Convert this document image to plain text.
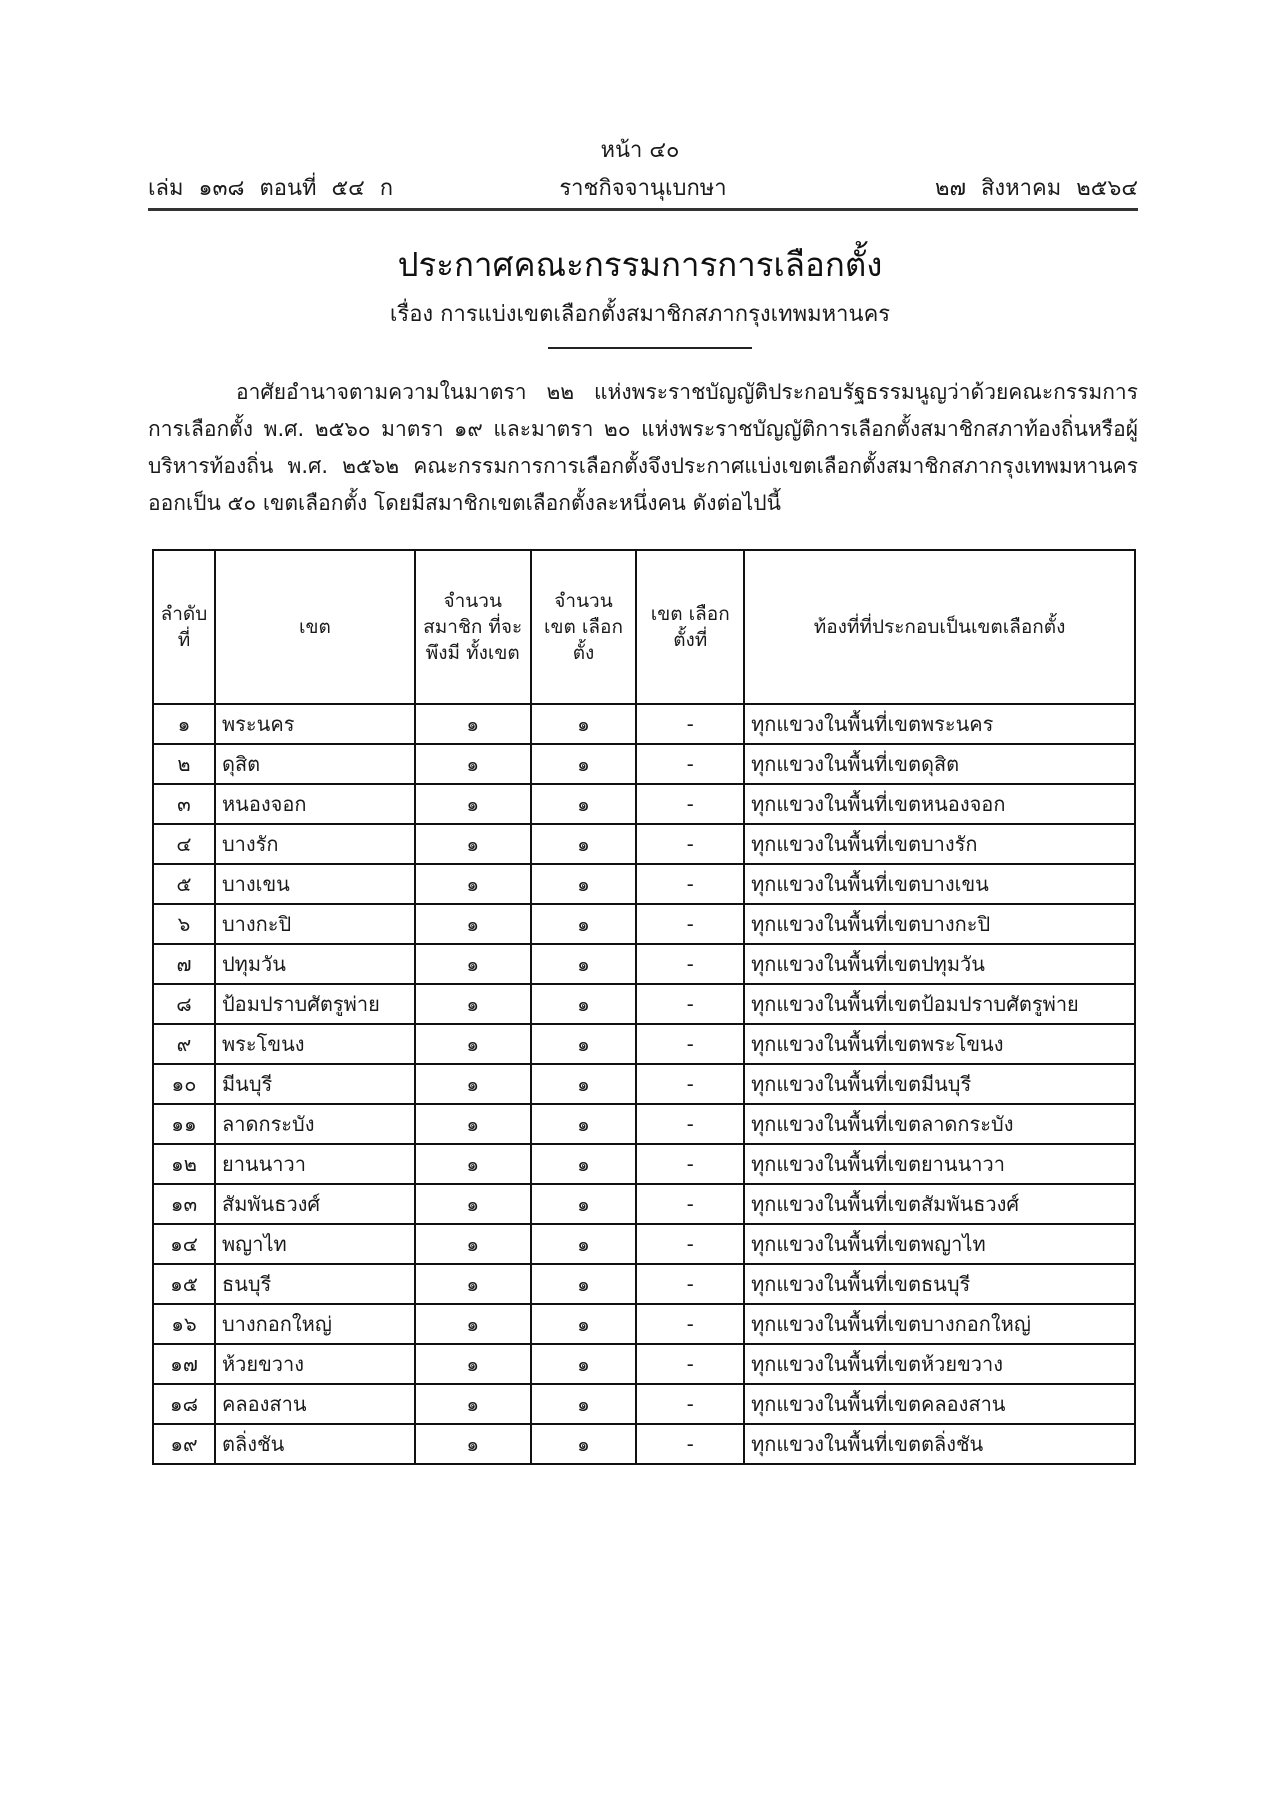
หน้า ๔๐
เล่ม ๑๓๘ ตอนที่ ๕๔ ก	ราชกิจจานุเบกษา	๒๗ สิงหาคม ๒๕๖๔
ประกาศคณะกรรมการการเลือกตั้ง
เรื่อง การแบ่งเขตเลือกตั้งสมาชิกสภากรุงเทพมหานคร
อาศัยอำนาจตามความในมาตรา ๒๒ แห่งพระราชบัญญัติประกอบรัฐธรรมนูญว่าด้วยคณะกรรมการการเลือกตั้ง พ.ศ. ๒๕๖๐ มาตรา ๑๙ และมาตรา ๒๐ แห่งพระราชบัญญัติการเลือกตั้งสมาชิกสภาท้องถิ่นหรือผู้บริหารท้องถิ่น พ.ศ. ๒๕๖๒ คณะกรรมการการเลือกตั้งจึงประกาศแบ่งเขตเลือกตั้งสมาชิกสภากรุงเทพมหานคร ออกเป็น ๕๐ เขตเลือกตั้ง โดยมีสมาชิกเขตเลือกตั้งละหนึ่งคน ดังต่อไปนี้
ลำดับ ที่	เขต	จำนวน สมาชิก ที่จะพึงมี ทั้งเขต	จำนวน เขต เลือกตั้ง	เขต เลือกตั้งที่	ท้องที่ที่ประกอบเป็นเขตเลือกตั้ง
๑	พระนคร	๑	๑	-	ทุกแขวงในพื้นที่เขตพระนคร
๒	ดุสิต	๑	๑	-	ทุกแขวงในพื้นที่เขตดุสิต
๓	หนองจอก	๑	๑	-	ทุกแขวงในพื้นที่เขตหนองจอก
๔	บางรัก	๑	๑	-	ทุกแขวงในพื้นที่เขตบางรัก
๕	บางเขน	๑	๑	-	ทุกแขวงในพื้นที่เขตบางเขน
๖	บางกะปิ	๑	๑	-	ทุกแขวงในพื้นที่เขตบางกะปิ
๗	ปทุมวัน	๑	๑	-	ทุกแขวงในพื้นที่เขตปทุมวัน
๘	ป้อมปราบศัตรูพ่าย	๑	๑	-	ทุกแขวงในพื้นที่เขตป้อมปราบศัตรูพ่าย
๙	พระโขนง	๑	๑	-	ทุกแขวงในพื้นที่เขตพระโขนง
๑๐	มีนบุรี	๑	๑	-	ทุกแขวงในพื้นที่เขตมีนบุรี
๑๑	ลาดกระบัง	๑	๑	-	ทุกแขวงในพื้นที่เขตลาดกระบัง
๑๒	ยานนาวา	๑	๑	-	ทุกแขวงในพื้นที่เขตยานนาวา
๑๓	สัมพันธวงศ์	๑	๑	-	ทุกแขวงในพื้นที่เขตสัมพันธวงศ์
๑๔	พญาไท	๑	๑	-	ทุกแขวงในพื้นที่เขตพญาไท
๑๕	ธนบุรี	๑	๑	-	ทุกแขวงในพื้นที่เขตธนบุรี
๑๖	บางกอกใหญ่	๑	๑	-	ทุกแขวงในพื้นที่เขตบางกอกใหญ่
๑๗	ห้วยขวาง	๑	๑	-	ทุกแขวงในพื้นที่เขตห้วยขวาง
๑๘	คลองสาน	๑	๑	-	ทุกแขวงในพื้นที่เขตคลองสาน
๑๙	ตลิ่งชัน	๑	๑	-	ทุกแขวงในพื้นที่เขตตลิ่งชัน
